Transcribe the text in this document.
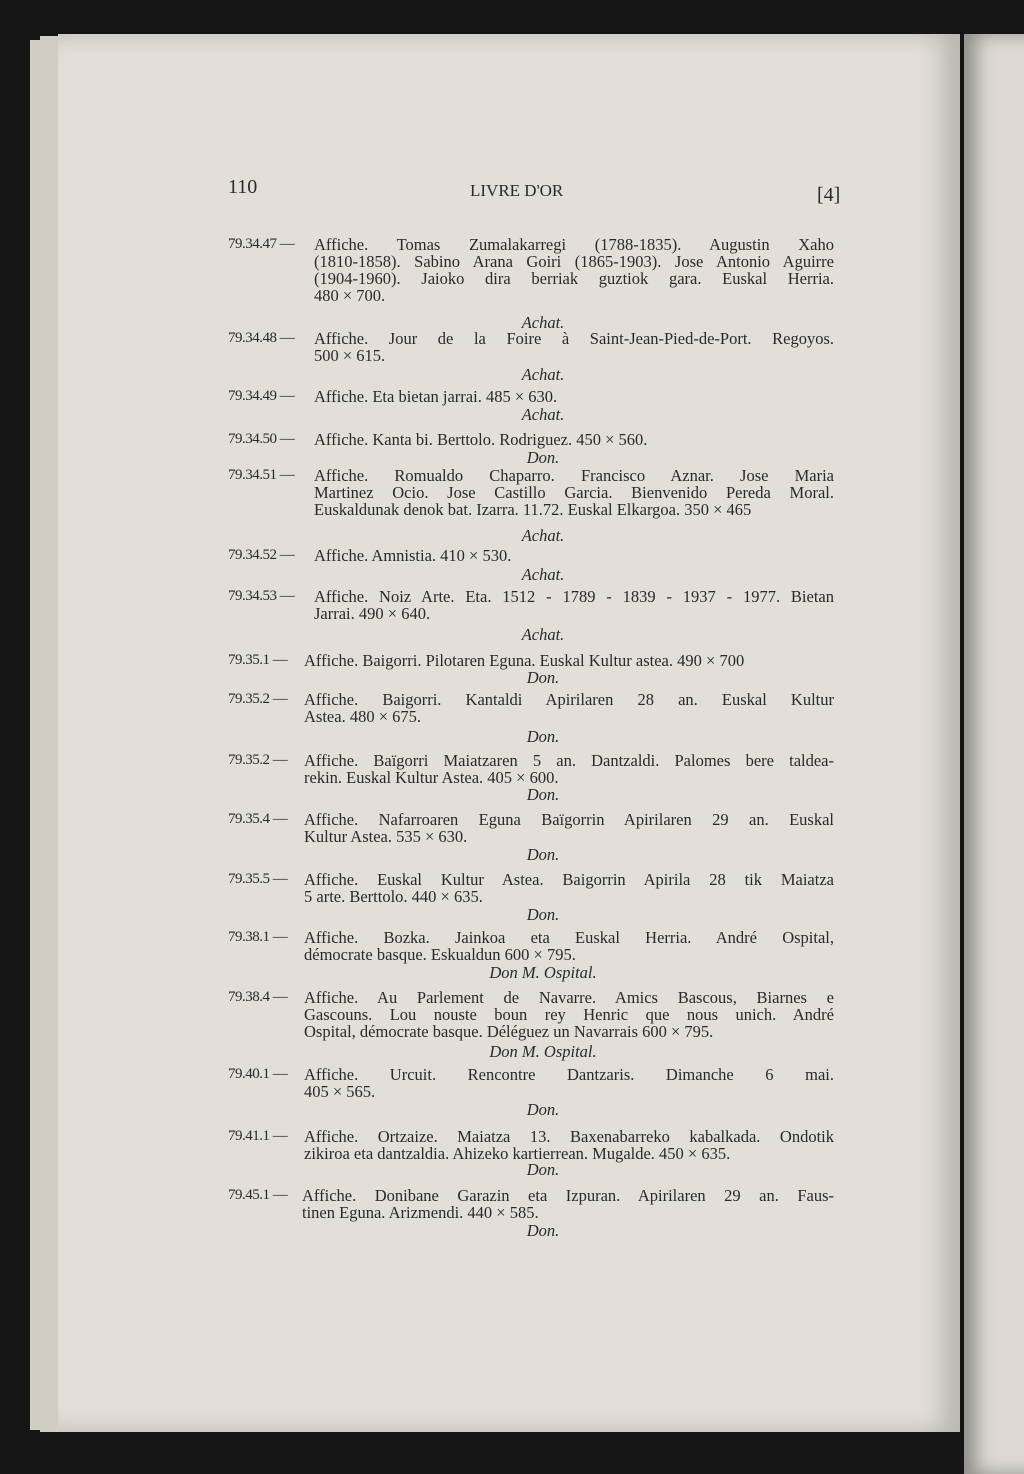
110	LIVRE D'OR	[4]
79.34.47 — Affiche. Tomas Zumalakarregi (1788-1835). Augustin Xaho
(1810-1858). Sabino Arana Goiri (1865-1903). Jose Antonio Aguirre
(1904-1960). Jaioko dira berriak guztiok gara. Euskal Herria.
480 × 700.
Achat.
79.34.48 — Affiche. Jour de la Foire à Saint-Jean-Pied-de-Port. Regoyos.
500 × 615.
Achat.
79.34.49 — Affiche. Eta bietan jarrai. 485 × 630.
Achat.
79.34.50 — Affiche. Kanta bi. Berttolo. Rodriguez. 450 × 560.
Don.
79.34.51 — Affiche. Romualdo Chaparro. Francisco Aznar. Jose Maria
Martinez Ocio. Jose Castillo Garcia. Bienvenido Pereda Moral.
Euskaldunak denok bat. Izarra. 11.72. Euskal Elkargoa. 350 × 465
Achat.
79.34.52 — Affiche. Amnistia. 410 × 530.
Achat.
79.34.53 — Affiche. Noiz Arte. Eta. 1512 - 1789 - 1839 - 1937 - 1977. Bietan
Jarrai. 490 × 640.
Achat.
79.35.1 — Affiche. Baigorri. Pilotaren Eguna. Euskal Kultur astea. 490 × 700
Don.
79.35.2 — Affiche. Baigorri. Kantaldi Apirilaren 28 an. Euskal Kultur
Astea. 480 × 675.
Don.
79.35.2 — Affiche. Baïgorri Maiatzaren 5 an. Dantzaldi. Palomes bere taldea-
rekin. Euskal Kultur Astea. 405 × 600.
Don.
79.35.4 — Affiche. Nafarroaren Eguna Baïgorrin Apirilaren 29 an. Euskal
Kultur Astea. 535 × 630.
Don.
79.35.5 — Affiche. Euskal Kultur Astea. Baigorrin Apirila 28 tik Maiatza
5 arte. Berttolo. 440 × 635.
Don.
79.38.1 — Affiche. Bozka. Jainkoa eta Euskal Herria. André Ospital,
démocrate basque. Eskualdun 600 × 795.
Don M. Ospital.
79.38.4 — Affiche. Au Parlement de Navarre. Amics Bascous, Biarnes e
Gascouns. Lou nouste boun rey Henric que nous unich. André
Ospital, démocrate basque. Déléguez un Navarrais 600 × 795.
Don M. Ospital.
79.40.1 — Affiche. Urcuit. Rencontre Dantzaris. Dimanche 6 mai.
405 × 565.
Don.
79.41.1 — Affiche. Ortzaize. Maiatza 13. Baxenabarreko kabalkada. Ondotik
zikiroa eta dantzaldia. Ahizeko kartierrean. Mugalde. 450 × 635.
Don.
79.45.1 — Affiche. Donibane Garazin eta Izpuran. Apirilaren 29 an. Faus-
tinen Eguna. Arizmendi. 440 × 585.
Don.
